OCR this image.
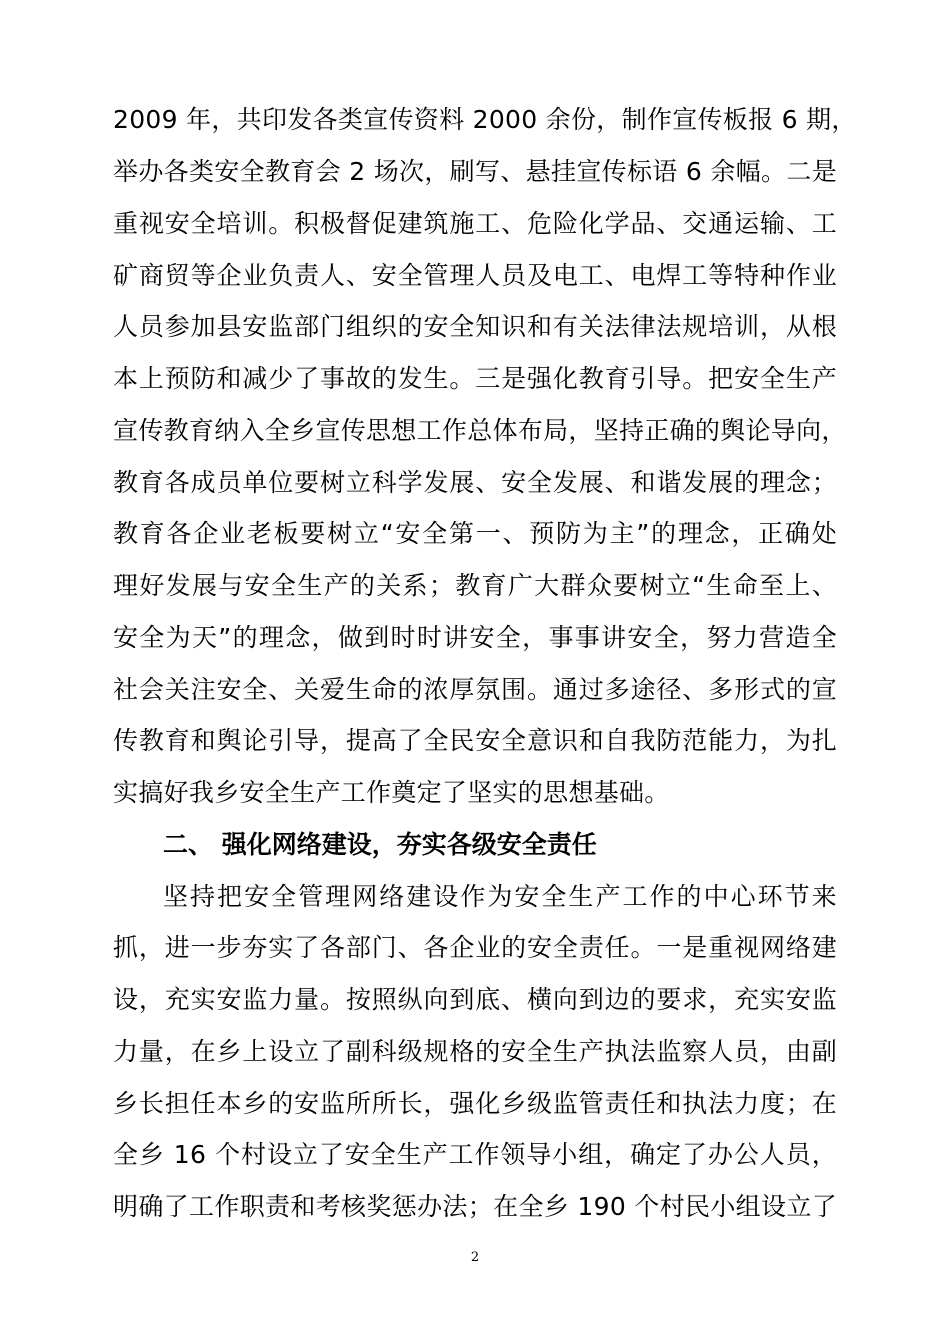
2009 年，共印发各类宣传资料 2000 余份，制作宣传板报 6 期，
举办各类安全教育会 2 场次，刷写、悬挂宣传标语 6 余幅。二是
重视安全培训。积极督促建筑施工、危险化学品、交通运输、工
矿商贸等企业负责人、安全管理人员及电工、电焊工等特种作业
人员参加县安监部门组织的安全知识和有关法律法规培训，从根
本上预防和减少了事故的发生。三是强化教育引导。把安全生产
宣传教育纳入全乡宣传思想工作总体布局，坚持正确的舆论导向，
教育各成员单位要树立科学发展、安全发展、和谐发展的理念；
教育各企业老板要树立“安全第一、预防为主”的理念，正确处
理好发展与安全生产的关系；教育广大群众要树立“生命至上、
安全为天”的理念，做到时时讲安全，事事讲安全，努力营造全
社会关注安全、关爱生命的浓厚氛围。通过多途径、多形式的宣
传教育和舆论引导，提高了全民安全意识和自我防范能力，为扎
实搞好我乡安全生产工作奠定了坚实的思想基础。
二、 强化网络建设，夯实各级安全责任
坚持把安全管理网络建设作为安全生产工作的中心环节来
抓，进一步夯实了各部门、各企业的安全责任。一是重视网络建
设，充实安监力量。按照纵向到底、横向到边的要求，充实安监
力量，在乡上设立了副科级规格的安全生产执法监察人员，由副
乡长担任本乡的安监所所长，强化乡级监管责任和执法力度；在
全乡 16 个村设立了安全生产工作领导小组，确定了办公人员，
明确了工作职责和考核奖惩办法；在全乡 190 个村民小组设立了
2
